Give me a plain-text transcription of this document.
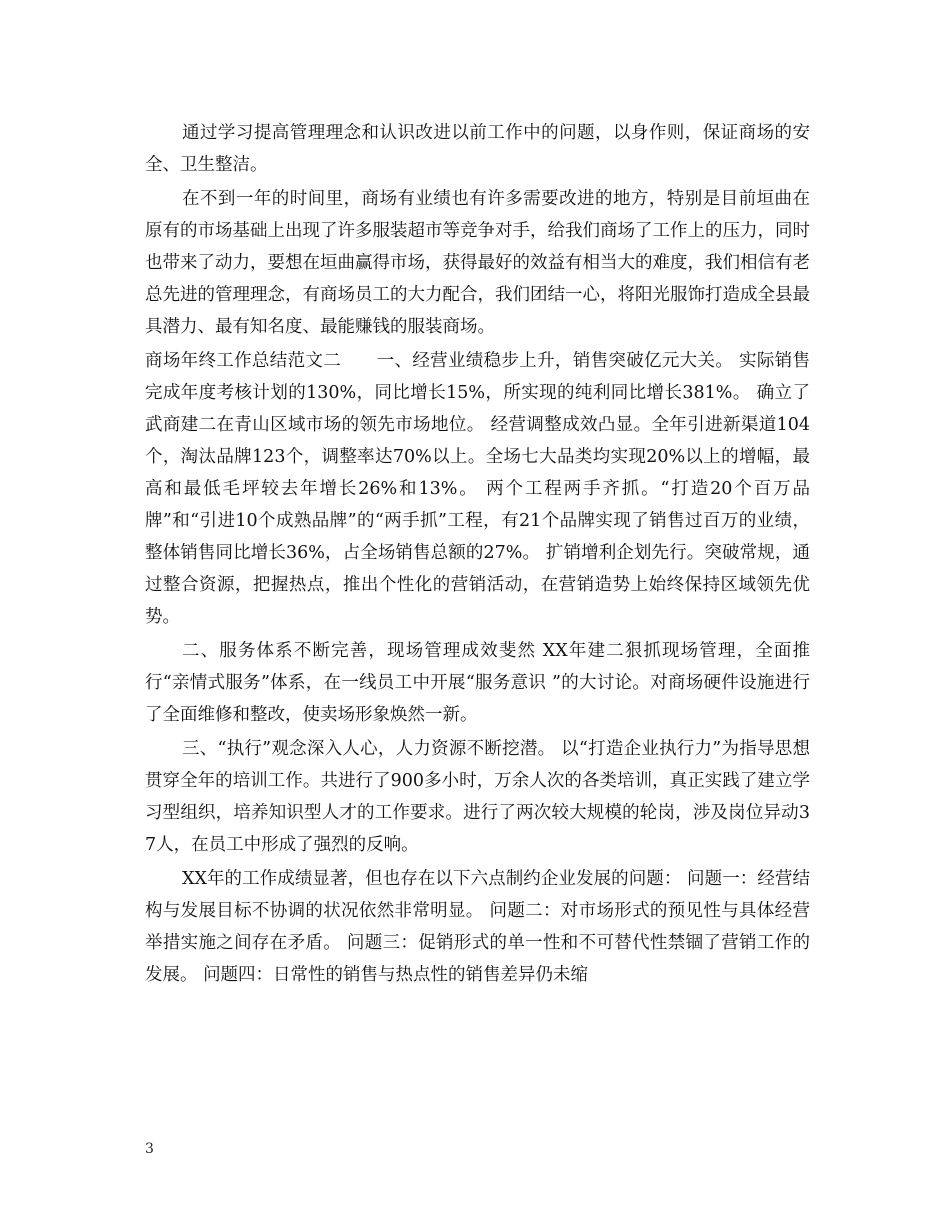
通过学习提高管理理念和认识改进以前工作中的问题，以身作则，保证商场的安全、卫生整洁。

在不到一年的时间里，商场有业绩也有许多需要改进的地方，特别是目前垣曲在原有的市场基础上出现了许多服装超市等竞争对手，给我们商场了工作上的压力，同时也带来了动力，要想在垣曲赢得市场，获得最好的效益有相当大的难度，我们相信有老总先进的管理理念，有商场员工的大力配合，我们团结一心，将阳光服饰打造成全县最具潜力、最有知名度、最能赚钱的服装商场。

商场年终工作总结范文二　　一、经营业绩稳步上升，销售突破亿元大关。 实际销售完成年度考核计划的130%，同比增长15%，所实现的纯利同比增长381%。 确立了武商建二在青山区域市场的领先市场地位。 经营调整成效凸显。全年引进新渠道104个，淘汰品牌123个，调整率达70%以上。全场七大品类均实现20%以上的增幅，最高和最低毛坪较去年增长26%和13%。 两个工程两手齐抓。“打造20个百万品牌”和“引进10个成熟品牌”的“两手抓”工程，有21个品牌实现了销售过百万的业绩，整体销售同比增长36%，占全场销售总额的27%。 扩销增利企划先行。突破常规，通过整合资源，把握热点，推出个性化的营销活动，在营销造势上始终保持区域领先优势。

二、服务体系不断完善，现场管理成效斐然 XX年建二狠抓现场管理，全面推行“亲情式服务”体系，在一线员工中开展“服务意识 ”的大讨论。对商场硬件设施进行了全面维修和整改，使卖场形象焕然一新。

三、“执行”观念深入人心，人力资源不断挖潜。 以“打造企业执行力”为指导思想贯穿全年的培训工作。共进行了900多小时，万余人次的各类培训，真正实践了建立学习型组织，培养知识型人才的工作要求。进行了两次较大规模的轮岗，涉及岗位异动37人，在员工中形成了强烈的反响。

XX年的工作成绩显著，但也存在以下六点制约企业发展的问题： 问题一：经营结构与发展目标不协调的状况依然非常明显。 问题二：对市场形式的预见性与具体经营举措实施之间存在矛盾。 问题三：促销形式的单一性和不可替代性禁锢了营销工作的发展。 问题四：日常性的销售与热点性的销售差异仍未缩

3
